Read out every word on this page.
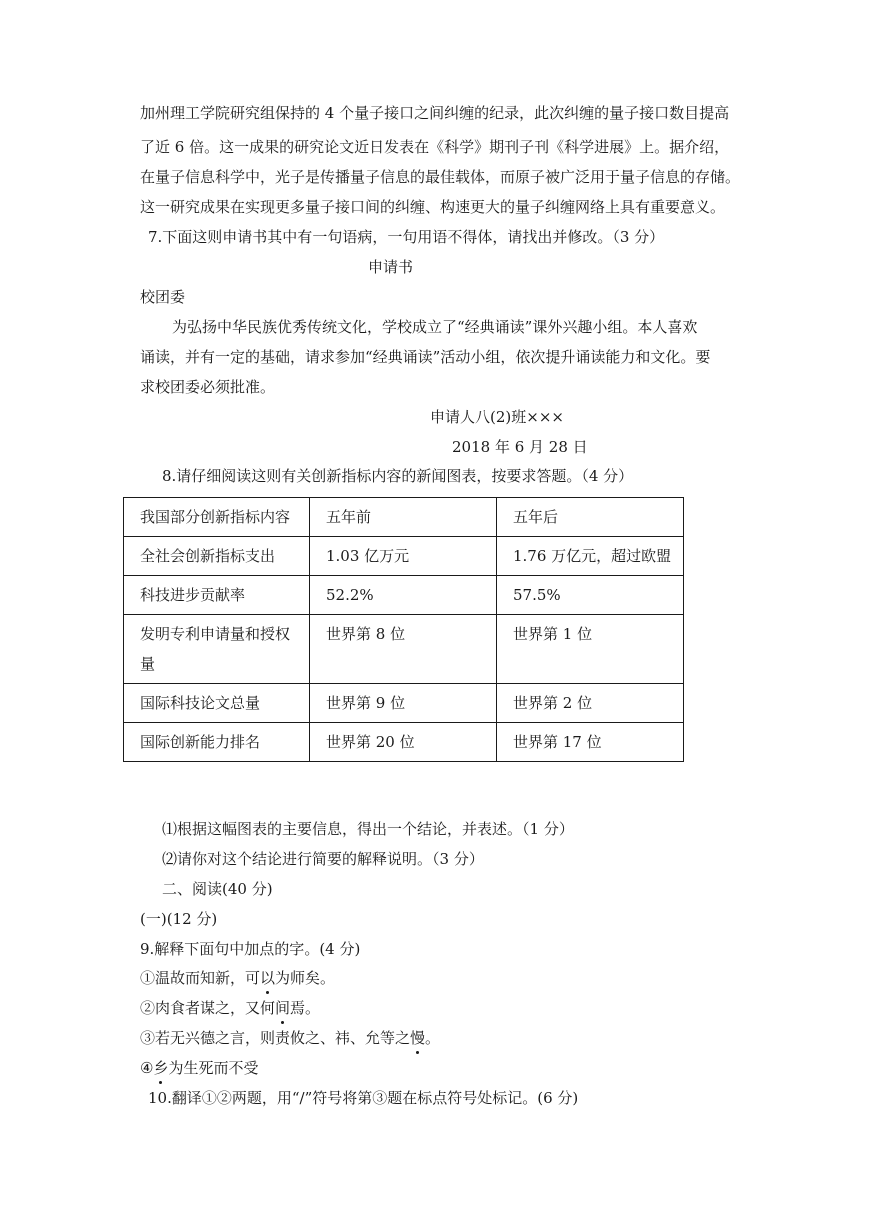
加州理工学院研究组保持的 4 个量子接口之间纠缠的纪录，此次纠缠的量子接口数目提高
了近 6 倍。这一成果的研究论文近日发表在《科学》期刊子刊《科学进展》上。据介绍，
在量子信息科学中，光子是传播量子信息的最佳载体，而原子被广泛用于量子信息的存储。
这一研究成果在实现更多量子接口间的纠缠、构速更大的量子纠缠网络上具有重要意义。
7.下面这则申请书其中有一句语病，一句用语不得体，请找出并修改。（3 分）
申请书
校团委
为弘扬中华民族优秀传统文化，学校成立了“经典诵读”课外兴趣小组。本人喜欢
诵读，并有一定的基础，请求参加“经典诵读”活动小组，依次提升诵读能力和文化。要
求校团委必须批准。
申请人八(2)班×××
2018 年 6 月 28 日
8.请仔细阅读这则有关创新指标内容的新闻图表，按要求答题。（4 分）
我国部分创新指标内容	五年前	五年后
全社会创新指标支出	1.03 亿万元	1.76 万亿元，超过欧盟
科技进步贡献率	52.2%	57.5%
发明专利申请量和授权量	世界第 8 位	世界第 1 位
国际科技论文总量	世界第 9 位	世界第 2 位
国际创新能力排名	世界第 20 位	世界第 17 位
⑴根据这幅图表的主要信息，得出一个结论，并表述。（1 分）
⑵请你对这个结论进行简要的解释说明。（3 分）
二、阅读(40 分)
(一)(12 分)
9.解释下面句中加点的字。(4 分)
①温故而知新，可以为师矣。
②肉食者谋之，又何间焉。
③若无兴德之言，则责攸之、祎、允等之慢。
④乡为生死而不受
10.翻译①②两题，用“/”符号将第③题在标点符号处标记。(6 分)
